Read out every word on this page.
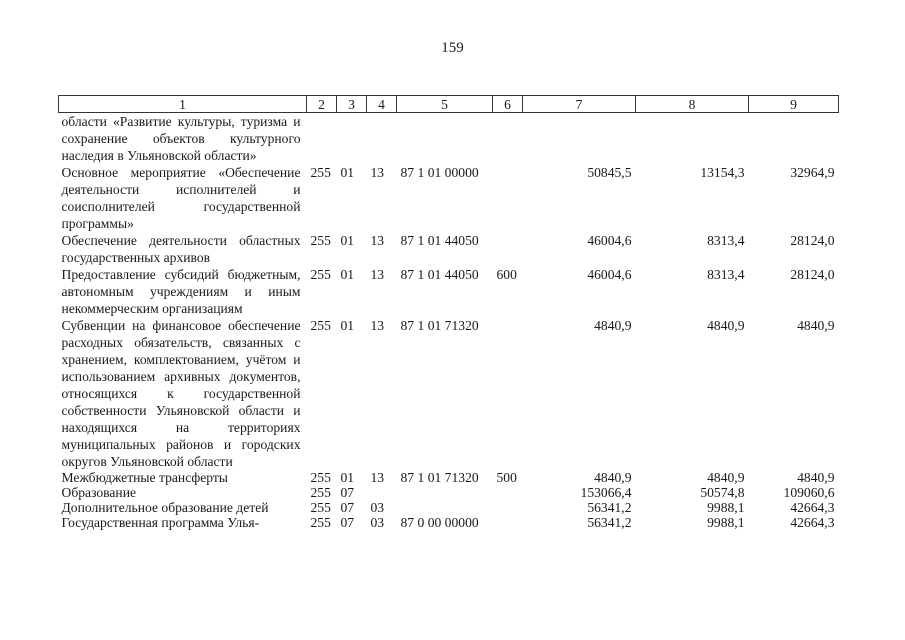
159
1	2	3	4	5	6	7	8	9
области «Развитие культуры, туризма и сохранение объектов культурного наследия в Ульяновской области»								
Основное мероприятие «Обеспечение деятельности исполнителей и соисполнителей государственной программы»	255	01	13	87 1 01 00000		50845,5	13154,3	32964,9
Обеспечение деятельности областных государственных архивов	255	01	13	87 1 01 44050		46004,6	8313,4	28124,0
Предоставление субсидий бюджетным, автономным учреждениям и иным некоммерческим организациям	255	01	13	87 1 01 44050	600	46004,6	8313,4	28124,0
Субвенции на финансовое обеспечение расходных обязательств, связанных с хранением, комплектованием, учётом и использованием архивных документов, относящихся к государственной собственности Ульяновской области и находящихся на территориях муниципальных районов и городских округов Ульяновской области	255	01	13	87 1 01 71320		4840,9	4840,9	4840,9
Межбюджетные трансферты	255	01	13	87 1 01 71320	500	4840,9	4840,9	4840,9
Образование	255	07				153066,4	50574,8	109060,6
Дополнительное образование детей	255	07	03			56341,2	9988,1	42664,3
Государственная программа Улья-	255	07	03	87 0 00 00000		56341,2	9988,1	42664,3
